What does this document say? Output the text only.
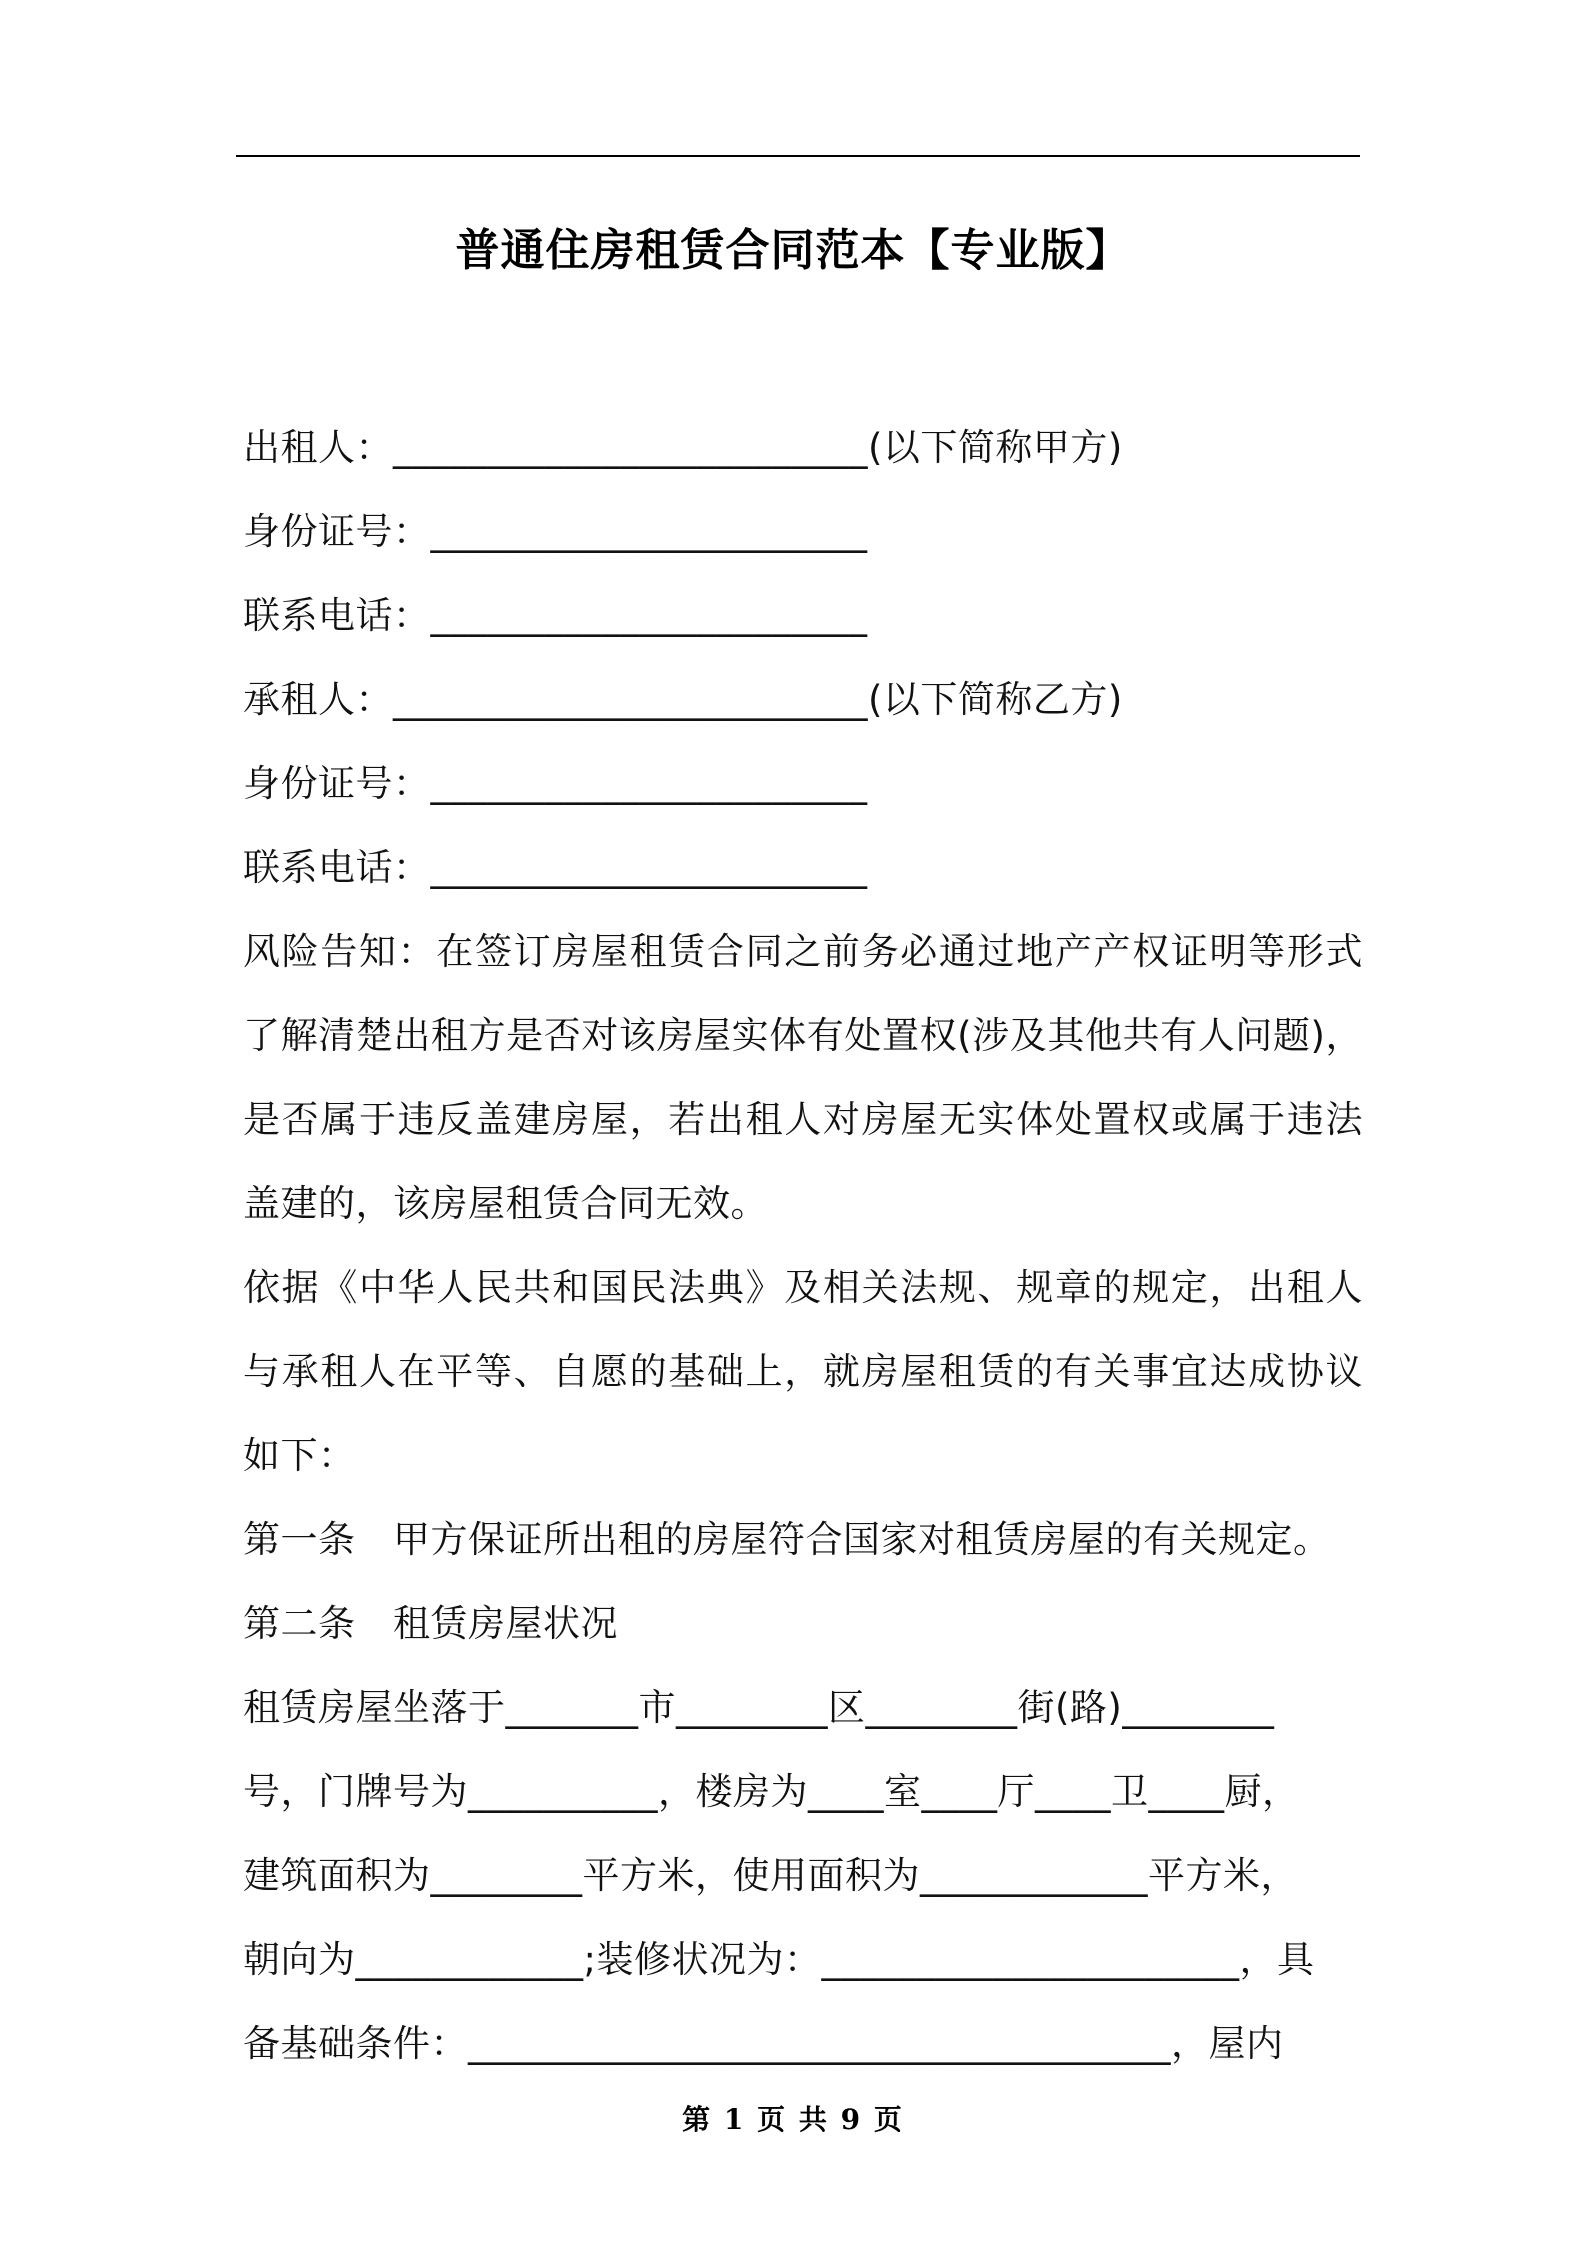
普通住房租赁合同范本【专业版】
出租人：_________________________(以下简称甲方)
身份证号：_______________________
联系电话：_______________________
承租人：_________________________(以下简称乙方)
身份证号：_______________________
联系电话：_______________________
风险告知：在签订房屋租赁合同之前务必通过地产产权证明等形式了解清楚出租方是否对该房屋实体有处置权(涉及其他共有人问题)，是否属于违反盖建房屋，若出租人对房屋无实体处置权或属于违法盖建的，该房屋租赁合同无效。
依据《中华人民共和国民法典》及相关法规、规章的规定，出租人与承租人在平等、自愿的基础上，就房屋租赁的有关事宜达成协议如下：
第一条　甲方保证所出租的房屋符合国家对租赁房屋的有关规定。
第二条　租赁房屋状况
租赁房屋坐落于_______市________区________街(路)________
号，门牌号为__________，楼房为____室____厅____卫____厨，
建筑面积为________平方米，使用面积为____________平方米，
朝向为____________;装修状况为：______________________，具
备基础条件：_____________________________________，屋内
第 1 页 共 9 页
